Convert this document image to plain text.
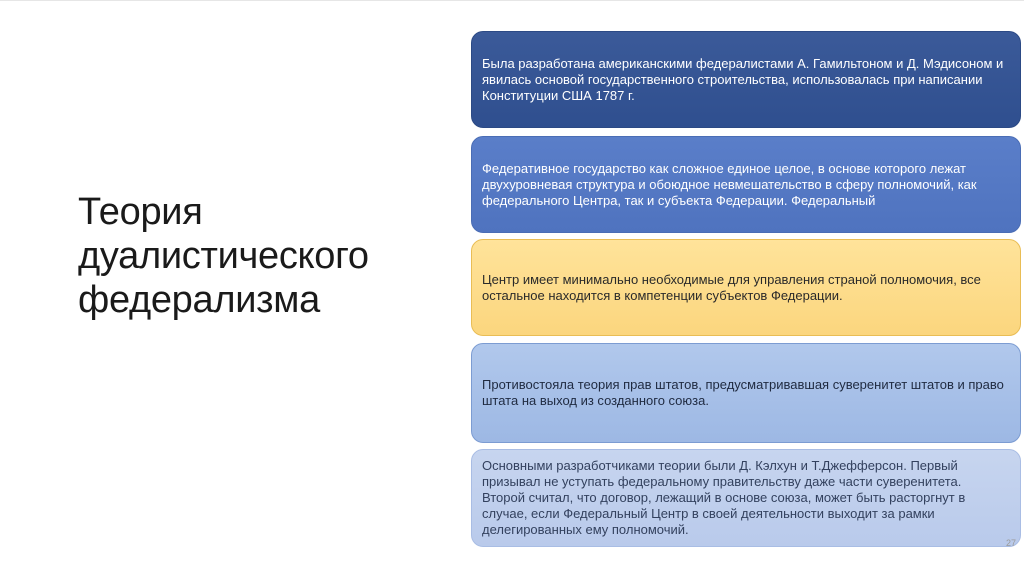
Теория
дуалистического
федерализма

Была разработана американскими федералистами А. Гамильтоном и Д. Мэдисоном и явилась основой государственного строительства, использовалась при написании Конституции США 1787 г.

Федеративное государство как сложное единое целое, в основе которого лежат двухуровневая структура и обоюдное невмешательство в сферу полномочий, как федерального Центра, так и субъекта Федерации. Федеральный

Центр имеет минимально необходимые для управления страной полномочия, все остальное находится в компетенции субъектов Федерации.

Противостояла теория прав штатов, предусматривавшая суверенитет штатов и право штата на выход из созданного союза.

Основными разработчиками теории были Д. Кэлхун и Т.Джефферсон. Первый призывал не уступать федеральному правительству даже части суверенитета. Второй считал, что договор, лежащий в основе союза, может быть расторгнут в случае, если Федеральный Центр в своей деятельности выходит за рамки делегированных ему полномочий.

27
